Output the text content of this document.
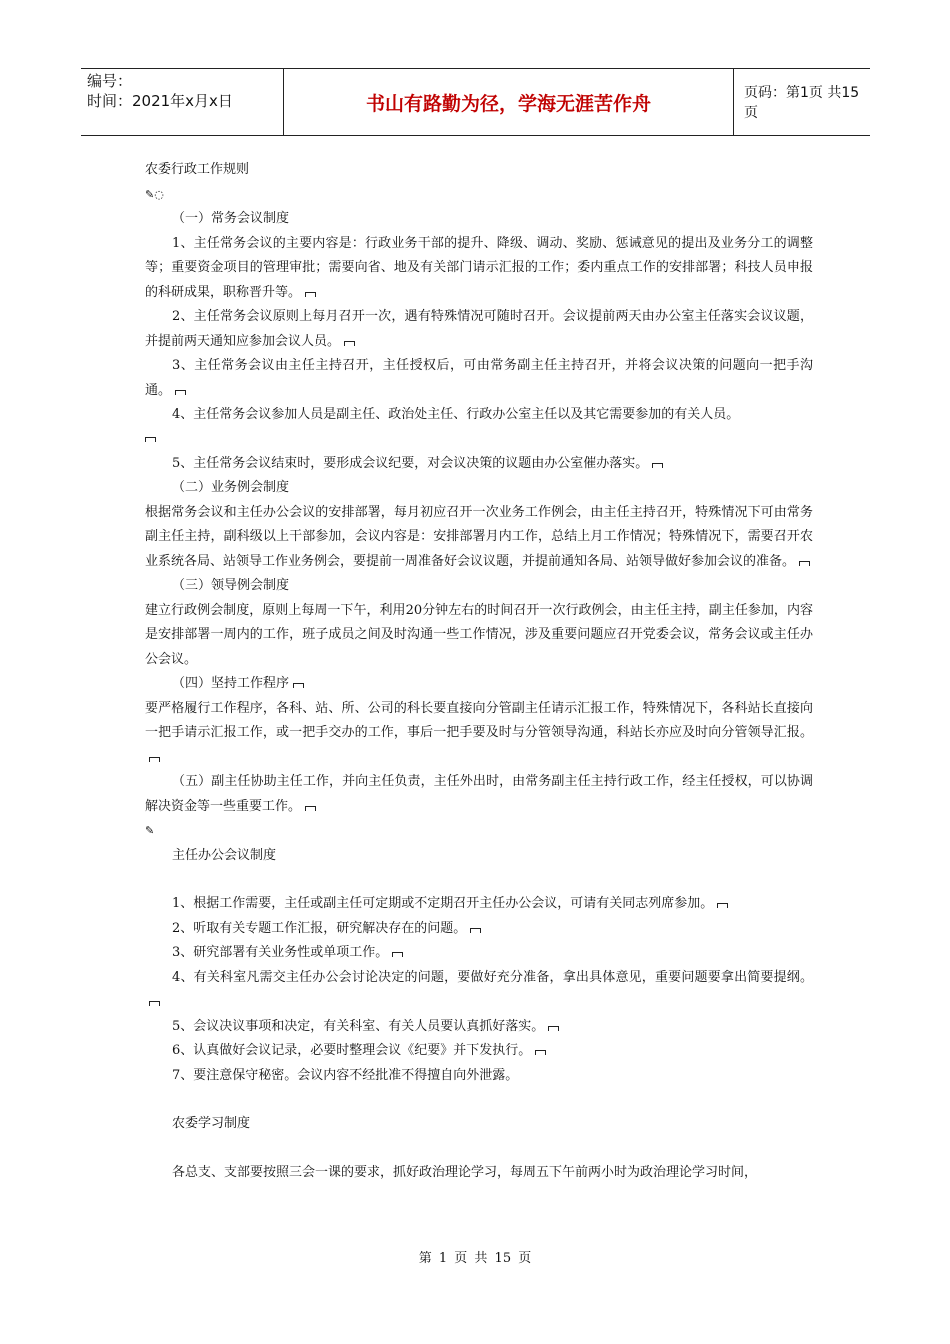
编号：
时间：2021年x月x日	书山有路勤为径，学海无涯苦作舟	页码：第1页 共15页

农委行政工作规则

✎◌

（一）常务会议制度

1、主任常务会议的主要内容是：行政业务干部的提升、降级、调动、奖励、惩诫意见的提出及业务分工的调整等；重要资金项目的管理审批；需要向省、地及有关部门请示汇报的工作；委内重点工作的安排部署；科技人员申报的科研成果，职称晋升等。

2、主任常务会议原则上每月召开一次，遇有特殊情况可随时召开。会议提前两天由办公室主任落实会议议题，并提前两天通知应参加会议人员。

3、主任常务会议由主任主持召开，主任授权后，可由常务副主任主持召开，并将会议决策的问题向一把手沟通。

4、主任常务会议参加人员是副主任、政治处主任、行政办公室主任以及其它需要参加的有关人员。

5、主任常务会议结束时，要形成会议纪要，对会议决策的议题由办公室催办落实。

（二）业务例会制度

根据常务会议和主任办公会议的安排部署，每月初应召开一次业务工作例会，由主任主持召开，特殊情况下可由常务副主任主持，副科级以上干部参加，会议内容是：安排部署月内工作，总结上月工作情况；特殊情况下，需要召开农业系统各局、站领导工作业务例会，要提前一周准备好会议议题，并提前通知各局、站领导做好参加会议的准备。

（三）领导例会制度

建立行政例会制度，原则上每周一下午，利用20分钟左右的时间召开一次行政例会，由主任主持，副主任参加，内容是安排部署一周内的工作，班子成员之间及时沟通一些工作情况，涉及重要问题应召开党委会议，常务会议或主任办公会议。

（四）坚持工作程序

要严格履行工作程序，各科、站、所、公司的科长要直接向分管副主任请示汇报工作，特殊情况下，各科站长直接向一把手请示汇报工作，或一把手交办的工作，事后一把手要及时与分管领导沟通，科站长亦应及时向分管领导汇报。

（五）副主任协助主任工作，并向主任负责，主任外出时，由常务副主任主持行政工作，经主任授权，可以协调解决资金等一些重要工作。

✎

主任办公会议制度

1、根据工作需要，主任或副主任可定期或不定期召开主任办公会议，可请有关同志列席参加。

2、听取有关专题工作汇报，研究解决存在的问题。

3、研究部署有关业务性或单项工作。

4、有关科室凡需交主任办公会讨论决定的问题，要做好充分准备，拿出具体意见，重要问题要拿出简要提纲。

5、会议决议事项和决定，有关科室、有关人员要认真抓好落实。

6、认真做好会议记录，必要时整理会议《纪要》并下发执行。

7、要注意保守秘密。会议内容不经批准不得擅自向外泄露。

农委学习制度

各总支、支部要按照三会一课的要求，抓好政治理论学习，每周五下午前两小时为政治理论学习时间，

第 1 页 共 15 页
